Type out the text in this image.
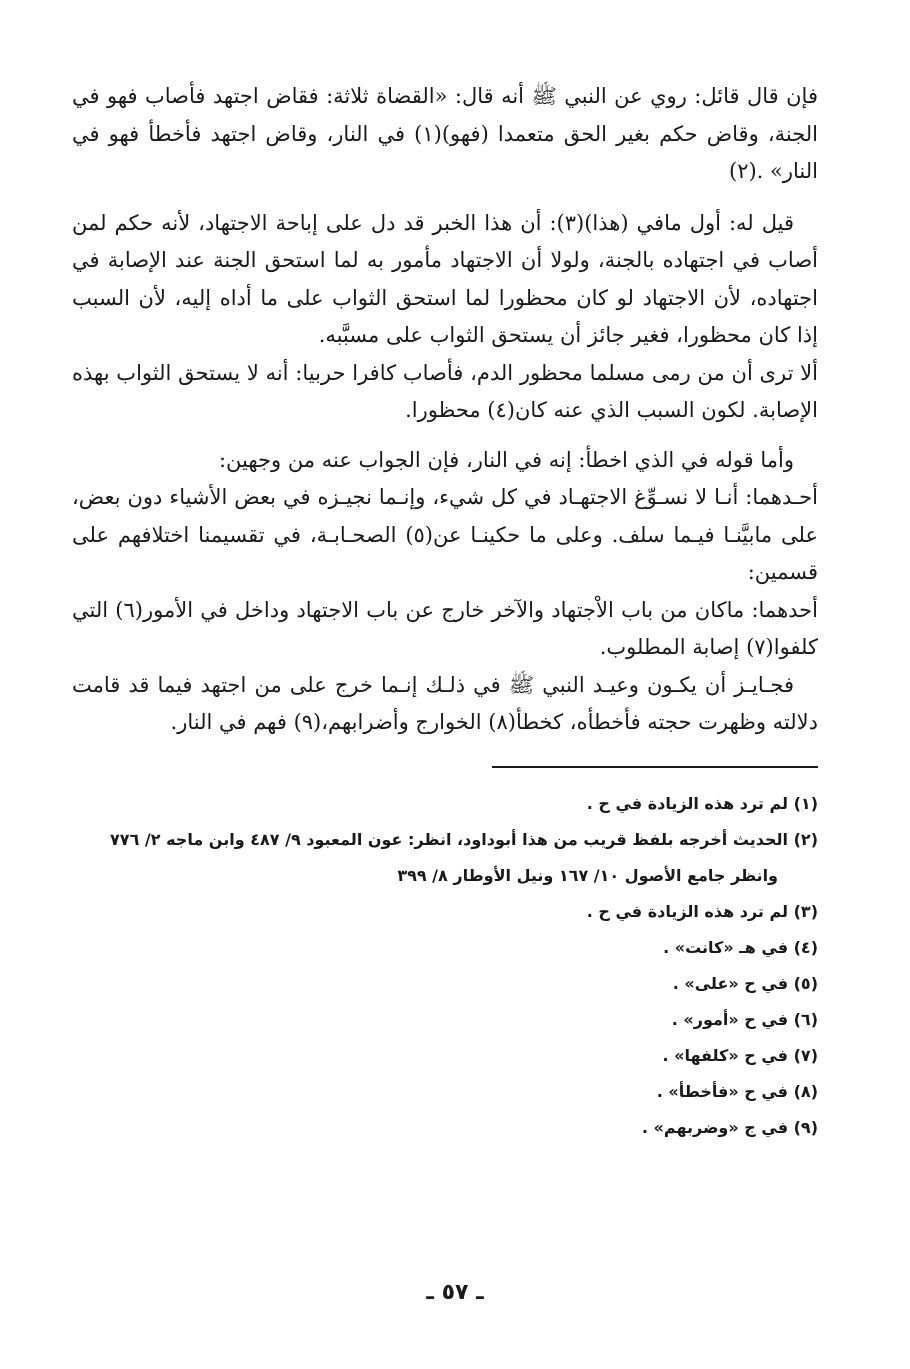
فإن قال قائل: روي عن النبي ﷺ أنه قال: «القضاة ثلاثة: فقاض اجتهد فأصاب فهو في الجنة، وقاض حكم بغير الحق متعمدا (فهو)(١) في النار، وقاض اجتهد فأخطأ فهو في النار» .(٢)

قيل له: أول مافي (هذا)(٣): أن هذا الخبر قد دل على إباحة الاجتهاد، لأنه حكم لمن أصاب في اجتهاده بالجنة، ولولا أن الاجتهاد مأمور به لما استحق الجنة عند الإصابة في اجتهاده، لأن الاجتهاد لو كان محظورا لما استحق الثواب على ما أداه إليه، لأن السبب إذا كان محظورا، فغير جائز أن يستحق الثواب على مسبَّبه.

ألا ترى أن من رمى مسلما محظور الدم، فأصاب كافرا حربيا: أنه لا يستحق الثواب بهذه الإصابة. لكون السبب الذي عنه كان(٤) محظورا.

وأما قوله في الذي اخطأ: إنه في النار، فإن الجواب عنه من وجهين:

أحـدهما: أنـا لا نسـوِّغ الاجتهـاد في كل شيء، وإنـما نجيـزه في بعض الأشياء دون بعض، على مابيَّنـا فيـما سلف. وعلى ما حكينـا عن(٥) الصحـابـة، في تقسيمنا اختلافهم على قسمين:

أحدهما: ماكان من باب الاْجتهاد والآخر خارج عن باب الاجتهاد وداخل في الأمور(٦) التي كلفوا(٧) إصابة المطلوب.

فجـايـز أن يكـون وعيـد النبي ﷺ في ذلـك إنـما خرج على من اجتهد فيما قد قامت دلالته وظهرت حجته فأخطأه، كخطأ(٨) الخوارج وأضرابهم،(٩) فهم في النار.

(١) لم ترد هذه الزيادة في ح .

(٢) الحديث أخرجه بلفظ قريب من هذا أبوداود، انظر: عون المعبود ٩/ ٤٨٧ وابن ماجه ٢/ ٧٧٦

وانظر جامع الأصول ١٠/ ١٦٧ ونيل الأوطار ٨/ ٣٩٩

(٣) لم ترد هذه الزيادة في ح .

(٤) في هـ «كانت» .

(٥) في ح «على» .

(٦) في ح «أمور» .

(٧) في ح «كلفها» .

(٨) في ح «فأخطأ» .

(٩) في ج «وضربهم» .

ـ ٥٧ ـ
